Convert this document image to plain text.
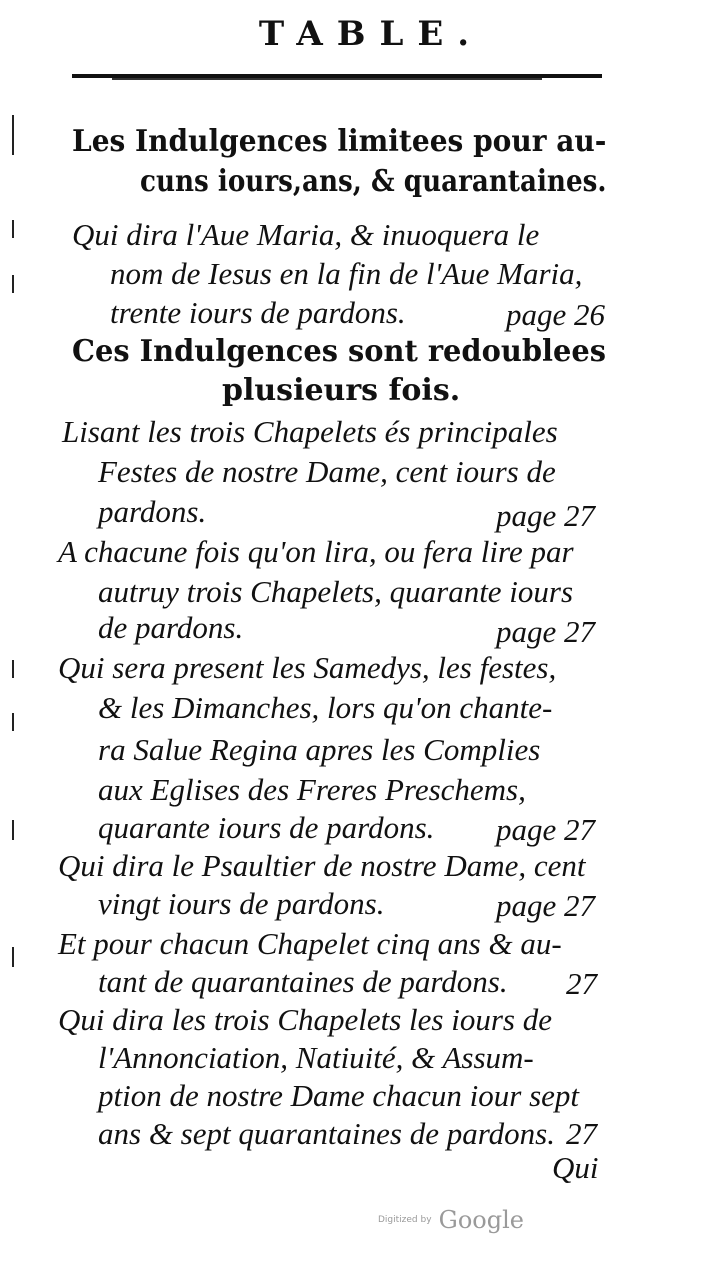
TABLE.
Les Indulgences limitees pour au-
cuns iours,ans, & quarantaines.
Qui dira l'Aue Maria, & inuoquera le
nom de Iesus en la fin de l'Aue Maria,
trente iours de pardons.	page 26
Ces Indulgences sont redoublees
plusieurs fois.
Lisant les trois Chapelets és principales
Festes de nostre Dame, cent iours de
pardons.	page 27
A chacune fois qu'on lira, ou fera lire par
autruy trois Chapelets, quarante iours
de pardons.	page 27
Qui sera present les Samedys, les festes,
& les Dimanches, lors qu'on chante-
ra Salue Regina apres les Complies
aux Eglises des Freres Preschems,
quarante iours de pardons. page 27
Qui dira le Psaultier de nostre Dame, cent
vingt iours de pardons.	page 27
Et pour chacun Chapelet cinq ans & au-
tant de quarantaines de pardons. 27
Qui dira les trois Chapelets les iours de
l'Annonciation, Natiuité, & Assum-
ption de nostre Dame chacun iour sept
ans & sept quarantaines de pardons. 27
Qui
Digitized by Google
